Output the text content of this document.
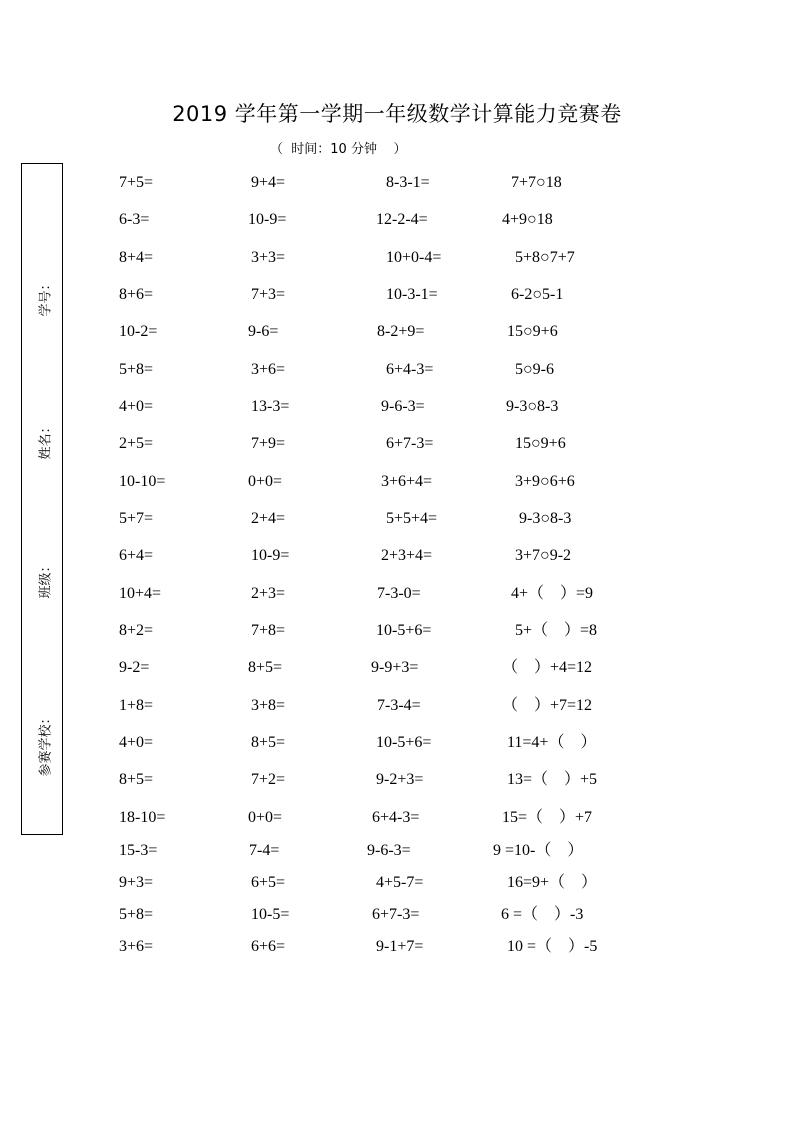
2019 学年第一学期一年级数学计算能力竞赛卷
（  时间：10 分钟    ）
学号：
姓名：
班级：
参赛学校：
7+5=	9+4=	8-3-1=	7+7○18
6-3=	10-9=	12-2-4=	4+9○18
8+4=	3+3=	10+0-4=	5+8○7+7
8+6=	7+3=	10-3-1=	6-2○5-1
10-2=	9-6=	8-2+9=	15○9+6
5+8=	3+6=	6+4-3=	5○9-6
4+0=	13-3=	9-6-3=	9-3○8-3
2+5=	7+9=	6+7-3=	15○9+6
10-10=	0+0=	3+6+4=	3+9○6+6
5+7=	2+4=	5+5+4=	9-3○8-3
6+4=	10-9=	2+3+4=	3+7○9-2
10+4=	2+3=	7-3-0=	4+（    ）=9
8+2=	7+8=	10-5+6=	5+（    ）=8
9-2=	8+5=	9-9+3=	（    ）+4=12
1+8=	3+8=	7-3-4=	（    ）+7=12
4+0=	8+5=	10-5+6=	11=4+（    ）
8+5=	7+2=	9-2+3=	13=（    ）+5
18-10=	0+0=	6+4-3=	15=（    ）+7
15-3=	7-4=	9-6-3=	9 =10-（    ）
9+3=	6+5=	4+5-7=	16=9+（    ）
5+8=	10-5=	6+7-3=	6 =（    ）-3
3+6=	6+6=	9-1+7=	10 =（    ）-5
